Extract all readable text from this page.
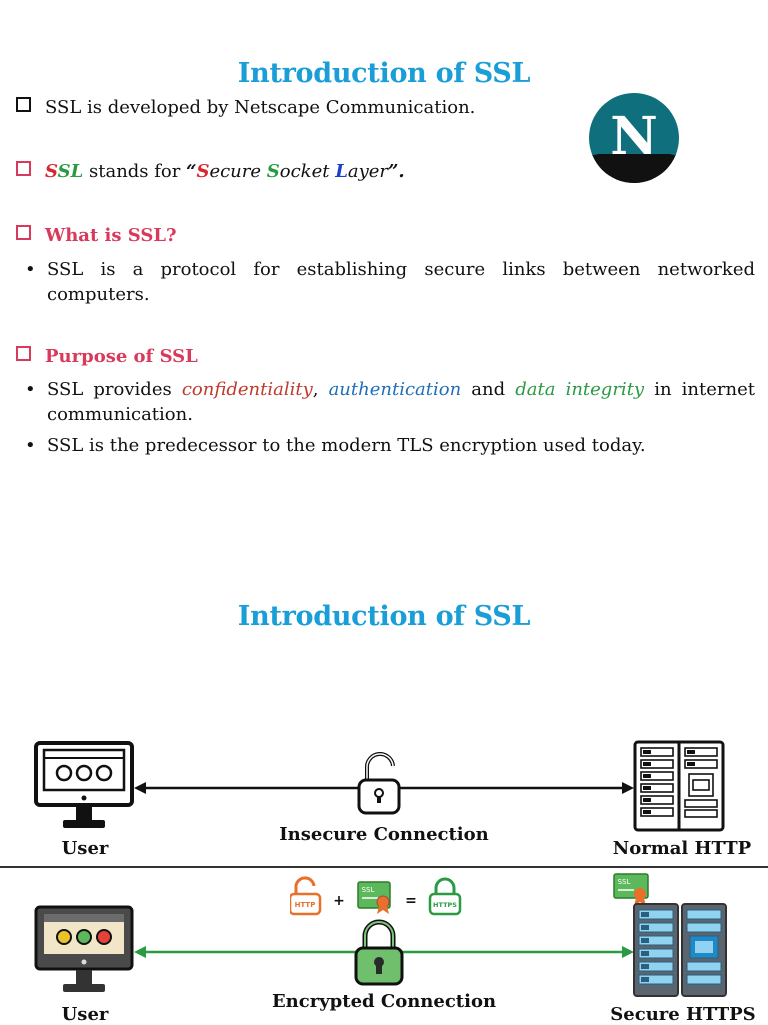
Introduction of SSL
SSL is developed by Netscape Communication.
SSL stands for “Secure Socket Layer”.
N
What is SSL?
• SSL is a protocol for establishing secure links between networked computers.
Purpose of SSL
• SSL provides confidentiality, authentication and data integrity in internet communication.
• SSL is the predecessor to the modern TLS encryption used today.
Introduction of SSL
User
Insecure Connection
Normal HTTP
HTTP +
SSL
= HTTPS
User
Encrypted Connection
SSL
Secure HTTPS
